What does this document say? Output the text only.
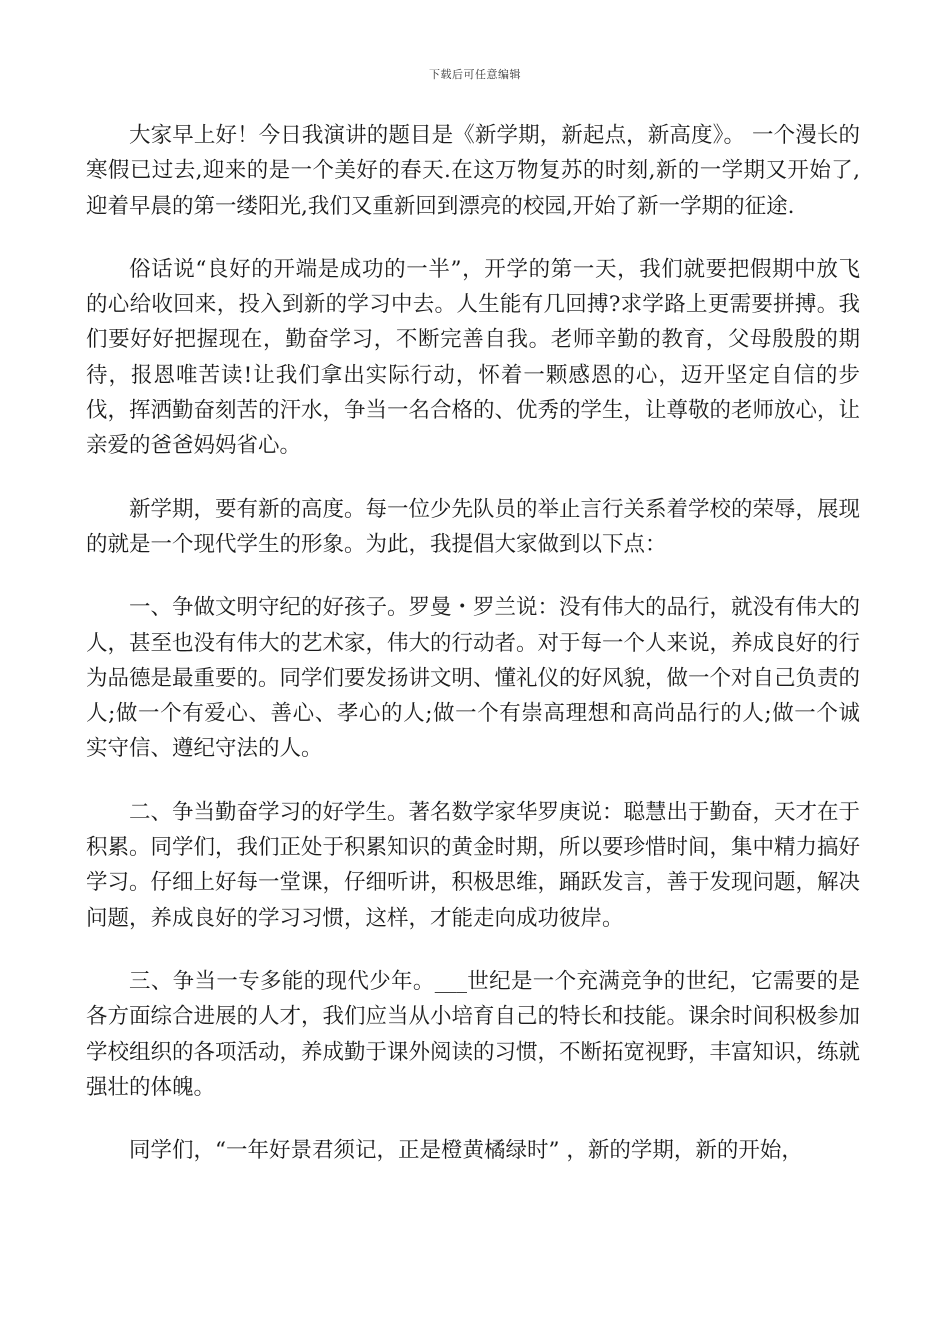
下载后可任意编辑

大家早上好！今日我演讲的题目是《新学期，新起点，新高度》。 一个漫长的寒假已过去,迎来的是一个美好的春天.在这万物复苏的时刻,新的一学期又开始了,迎着早晨的第一缕阳光,我们又重新回到漂亮的校园,开始了新一学期的征途.

俗话说“良好的开端是成功的一半”，开学的第一天，我们就要把假期中放飞的心给收回来，投入到新的学习中去。人生能有几回搏?求学路上更需要拼搏。我们要好好把握现在，勤奋学习，不断完善自我。老师辛勤的教育，父母殷殷的期待，报恩唯苦读!让我们拿出实际行动，怀着一颗感恩的心，迈开坚定自信的步伐，挥洒勤奋刻苦的汗水，争当一名合格的、优秀的学生，让尊敬的老师放心，让亲爱的爸爸妈妈省心。

新学期，要有新的高度。每一位少先队员的举止言行关系着学校的荣辱，展现的就是一个现代学生的形象。为此，我提倡大家做到以下点：

一、争做文明守纪的好孩子。罗曼・罗兰说：没有伟大的品行，就没有伟大的人，甚至也没有伟大的艺术家，伟大的行动者。对于每一个人来说，养成良好的行为品德是最重要的。同学们要发扬讲文明、懂礼仪的好风貌，做一个对自己负责的人;做一个有爱心、善心、孝心的人;做一个有崇高理想和高尚品行的人;做一个诚实守信、遵纪守法的人。

二、争当勤奋学习的好学生。著名数学家华罗庚说：聪慧出于勤奋，天才在于积累。同学们，我们正处于积累知识的黄金时期，所以要珍惜时间，集中精力搞好学习。仔细上好每一堂课，仔细听讲，积极思维，踊跃发言，善于发现问题，解决问题，养成良好的学习习惯，这样，才能走向成功彼岸。

三、争当一专多能的现代少年。___世纪是一个充满竞争的世纪，它需要的是各方面综合进展的人才，我们应当从小培育自己的特长和技能。课余时间积极参加学校组织的各项活动，养成勤于课外阅读的习惯，不断拓宽视野，丰富知识，练就强壮的体魄。

同学们，“一年好景君须记，正是橙黄橘绿时” ，新的学期，新的开始，
